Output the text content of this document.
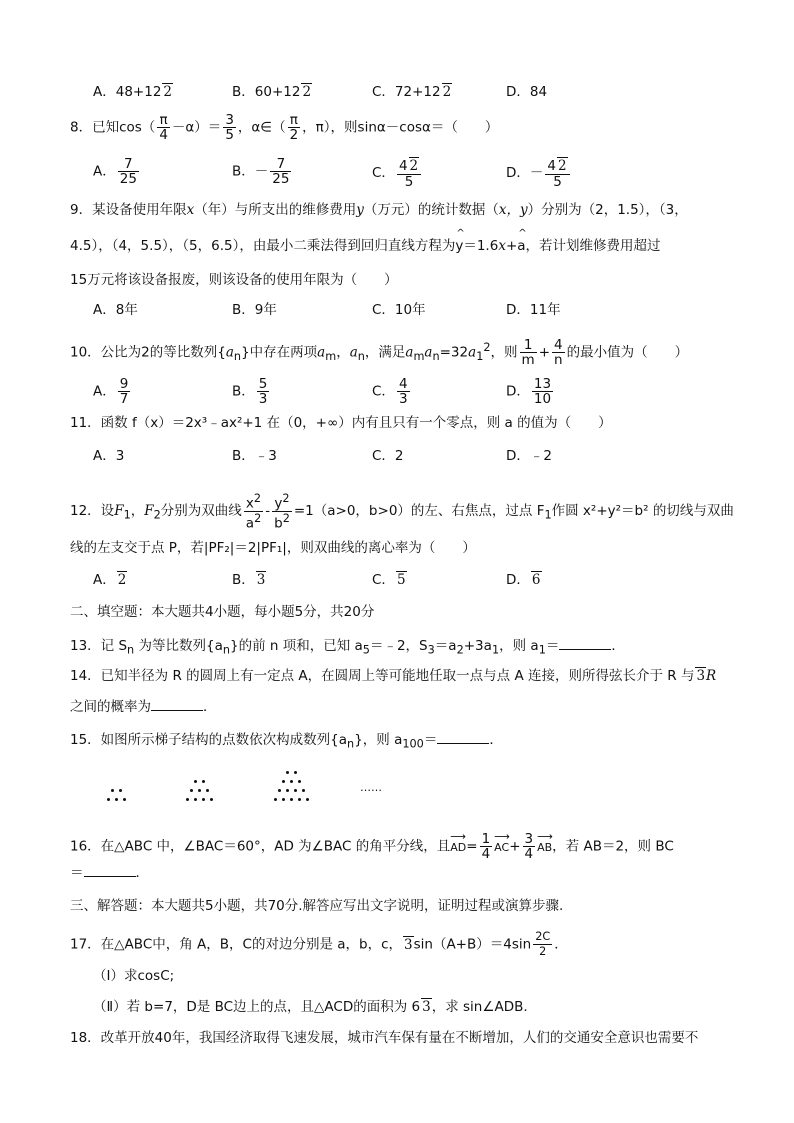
A．48+12 2	B．60+12 2	C．72+12 2	D．84
8．已知$\cos( \frac{\pi}{4} -\alpha)= \frac{3}{5}$ ，α∈（ $\frac{\pi}{2}$ ，π），则sinα－cosα＝（　　）
A． $\frac{7}{25}$	B．－ $\frac{7}{25}$	C． $\frac{4 2}{5}$	D．－ $\frac{4 2}{5}$
9．某设备使用年限x（年）与所支出的维修费用y（万元）的统计数据（x，y）分别为（2，1.5），（3，
4.5），（4，5.5），（5，6.5），由最小二乘法得到回归直线方程为^ y＝1.6x+^ a，若计划维修费用超过
15万元将该设备报废，则该设备的使用年限为（　　）
A．8年	B．9年	C．10年	D．11年
10．公比为2的等比数列$\{a_n\}$中存在两项$a_m$，$a_n$，满足$a_ma_n=32a_1^2$，则 $\frac{1}{m} + \frac{4}{n}$ 的最小值为（　　）
A． $\frac{9}{7}$	B． $\frac{5}{3}$	C． $\frac{4}{3}$	D． $\frac{13}{10}$
11．函数 f（x）＝2x³﹣ax²+1 在（0，+∞）内有且只有一个零点，则 a 的值为（　　）
A．3	B．﹣3	C．2	D．﹣2
12．设$F_1$，$F_2$分别为双曲线 $\frac{x^2}{a^2} - \frac{y^2}{b^2} =1(a>0$，b>0）的左、右焦点，过点 $F_1$作圆 x²+y²＝b² 的切线与双曲
线的左支交于点 P，若|PF₂|＝2|PF₁|，则双曲线的离心率为（　　）
A． 2	B． 3	C． 5	D． 6
二、填空题：本大题共4小题，每小题5分，共20分
13．记 $S_n$ 为等比数列$\{a_n\}$的前 n 项和，已知 $a_5=﹣2$，$S_3=a_2+3a_1$，则 $a_1=$	．
14．已知半径为 R 的圆周上有一定点 A，在圆周上等可能地任取一点与点 A 连接，则所得弦长介于 R 与 3R
之间的概率为	．
15．如图所示梯子结构的点数依次构成数列$\{a_n\}$，则 $a_{100}=$	．
……
16．在△ABC 中，∠BAC＝60°，AD 为∠BAC 的角平分线，且⟶ $AD= \frac{1}{4}$ ⟶ $AC+ \frac{3}{4}$ ⟶ AB，若 AB＝2，则 BC
＝	．
三、解答题：本大题共5小题，共70分.解答应写出文字说明，证明过程或演算步骤.
17．在△ABC中，角 A，B，C的对边分别是 a，b，c， $3\sin(A+B)=4\sin \frac{2C}{2}$ ．
（Ⅰ）求cosC;
（Ⅱ）若 b=7，D是 BC边上的点，且△ACD的面积为 6 3，求 sin∠ADB.
18．改革开放40年，我国经济取得飞速发展，城市汽车保有量在不断增加，人们的交通安全意识也需要不
